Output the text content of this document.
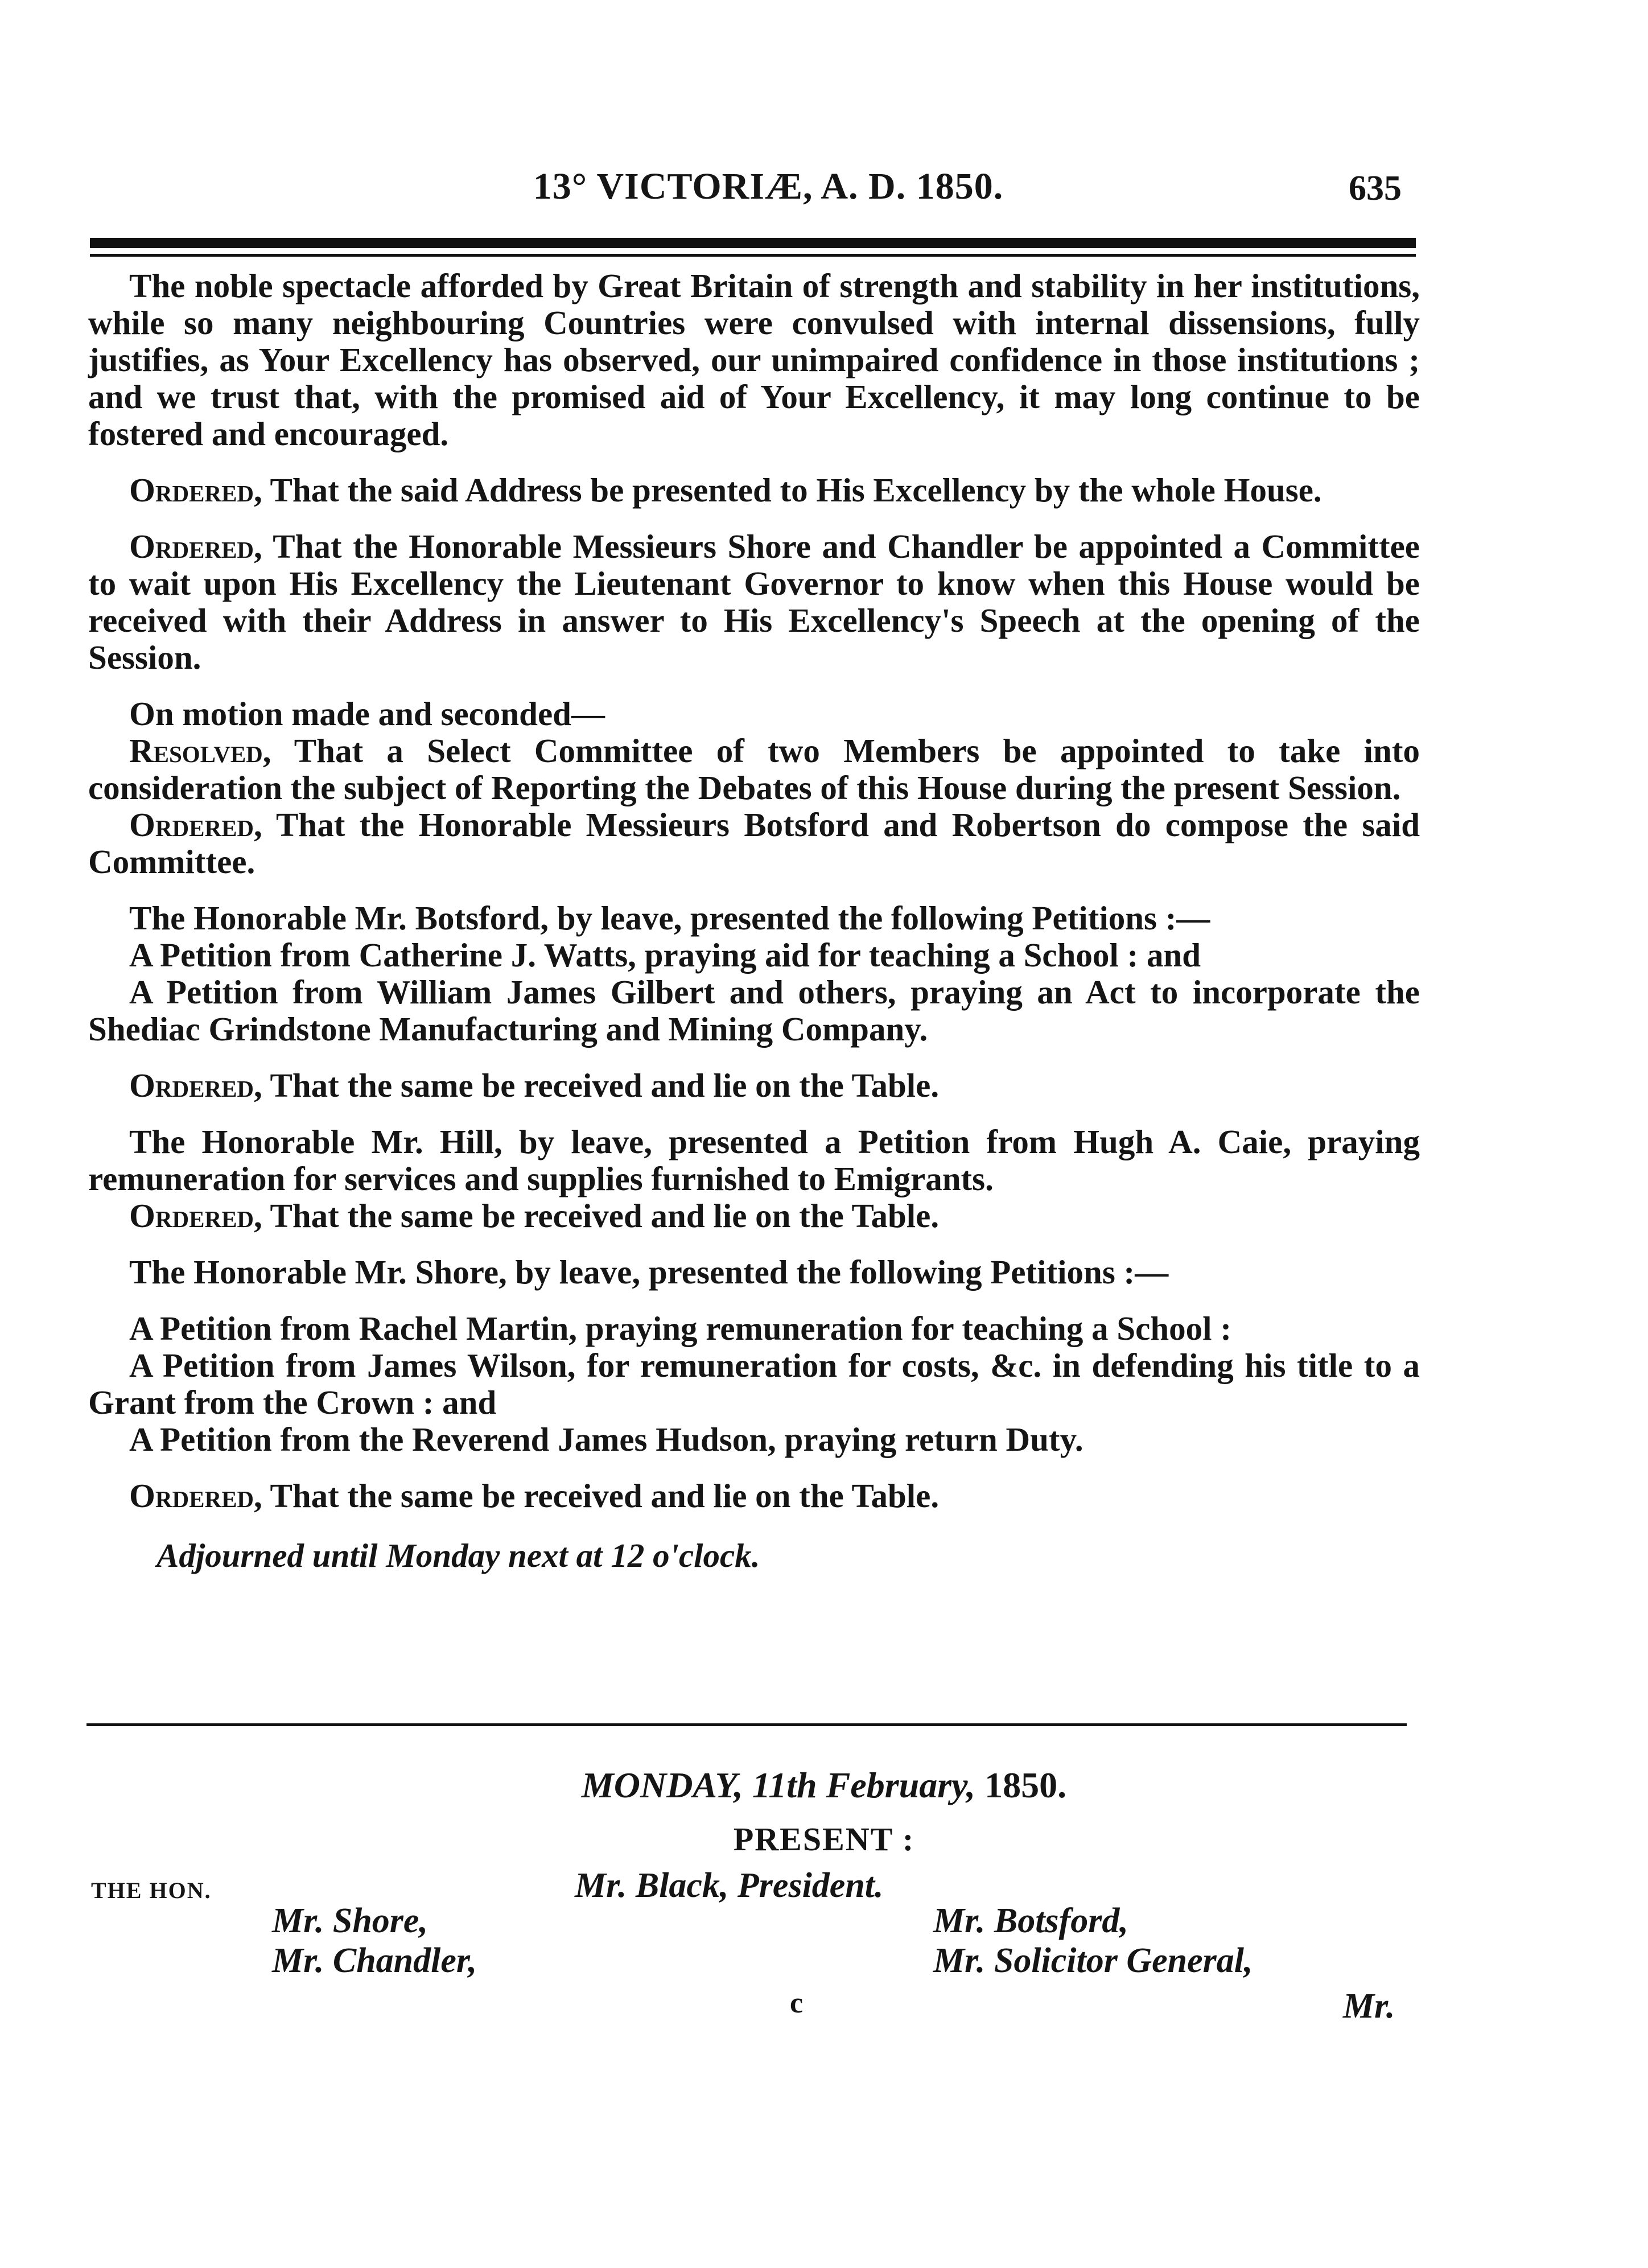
13° VICTORIÆ, A. D. 1850.	635

The noble spectacle afforded by Great Britain of strength and stability in her institutions, while so many neighbouring Countries were convulsed with internal dissensions, fully justifies, as Your Excellency has observed, our unimpaired confidence in those institutions ; and we trust that, with the promised aid of Your Excellency, it may long continue to be fostered and encouraged.

Ordered, That the said Address be presented to His Excellency by the whole House.

Ordered, That the Honorable Messieurs Shore and Chandler be appointed a Committee to wait upon His Excellency the Lieutenant Governor to know when this House would be received with their Address in answer to His Excellency's Speech at the opening of the Session.

On motion made and seconded—

Resolved, That a Select Committee of two Members be appointed to take into consideration the subject of Reporting the Debates of this House during the present Session.

Ordered, That the Honorable Messieurs Botsford and Robertson do compose the said Committee.

The Honorable Mr. Botsford, by leave, presented the following Petitions :—

A Petition from Catherine J. Watts, praying aid for teaching a School : and

A Petition from William James Gilbert and others, praying an Act to incorporate the Shediac Grindstone Manufacturing and Mining Company.

Ordered, That the same be received and lie on the Table.

The Honorable Mr. Hill, by leave, presented a Petition from Hugh A. Caie, praying remuneration for services and supplies furnished to Emigrants.

Ordered, That the same be received and lie on the Table.

The Honorable Mr. Shore, by leave, presented the following Petitions :—

A Petition from Rachel Martin, praying remuneration for teaching a School :

A Petition from James Wilson, for remuneration for costs, &c. in defending his title to a Grant from the Crown : and

A Petition from the Reverend James Hudson, praying return Duty.

Ordered, That the same be received and lie on the Table.

Adjourned until Monday next at 12 o'clock.

MONDAY, 11th February, 1850.
PRESENT :
THE HON.	Mr. Black, President.
Mr. Shore,
Mr. Chandler,
Mr. Botsford,
Mr. Solicitor General,
c	Mr.
